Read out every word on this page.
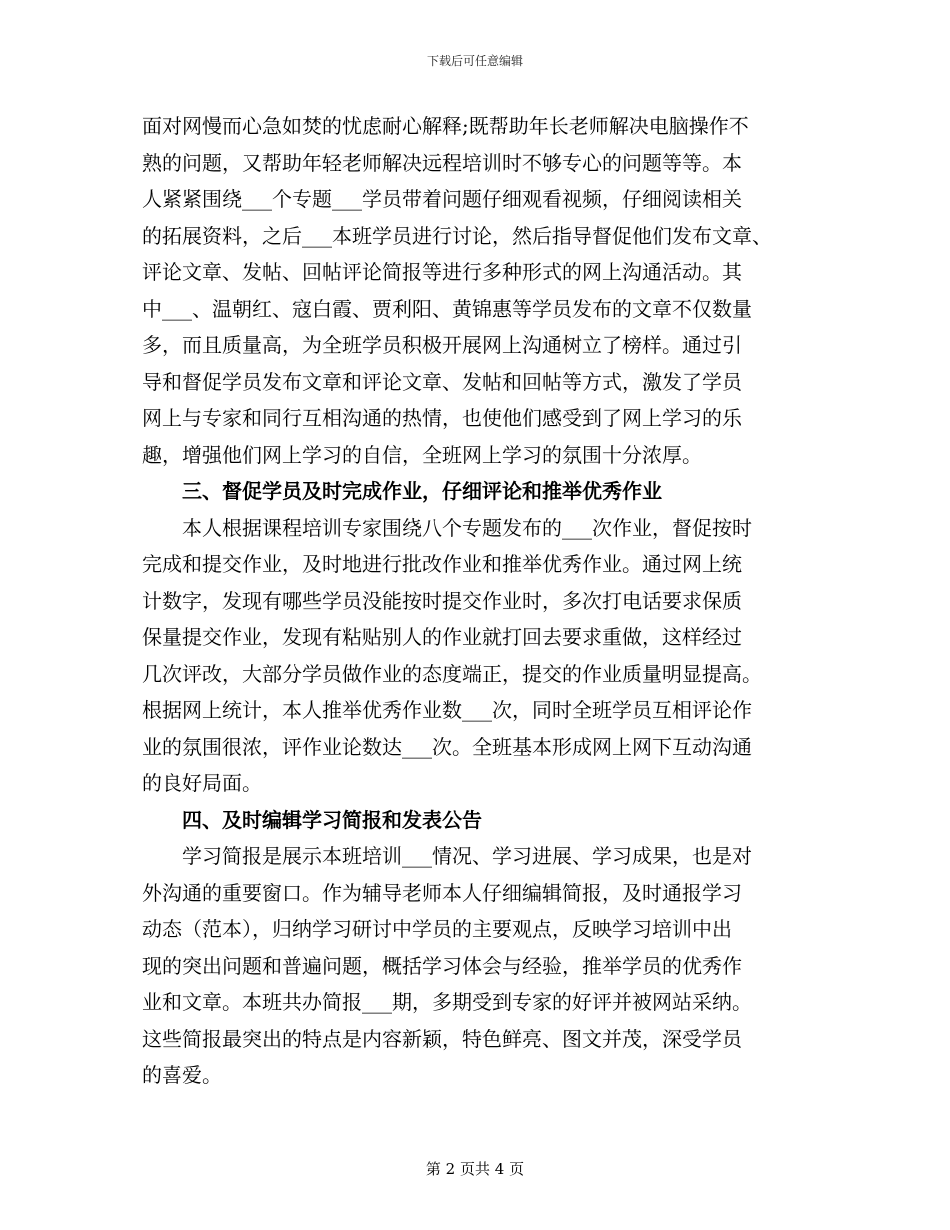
下载后可任意编辑
面对网慢而心急如焚的忧虑耐心解释;既帮助年长老师解决电脑操作不
熟的问题，又帮助年轻老师解决远程培训时不够专心的问题等等。本
人紧紧围绕___个专题___学员带着问题仔细观看视频，仔细阅读相关
的拓展资料，之后___本班学员进行讨论，然后指导督促他们发布文章、
评论文章、发帖、回帖评论简报等进行多种形式的网上沟通活动。其
中___、温朝红、寇白霞、贾利阳、黄锦惠等学员发布的文章不仅数量
多，而且质量高，为全班学员积极开展网上沟通树立了榜样。通过引
导和督促学员发布文章和评论文章、发帖和回帖等方式，激发了学员
网上与专家和同行互相沟通的热情，也使他们感受到了网上学习的乐
趣，增强他们网上学习的自信，全班网上学习的氛围十分浓厚。
三、督促学员及时完成作业，仔细评论和推举优秀作业
本人根据课程培训专家围绕八个专题发布的___次作业，督促按时
完成和提交作业，及时地进行批改作业和推举优秀作业。通过网上统
计数字，发现有哪些学员没能按时提交作业时，多次打电话要求保质
保量提交作业，发现有粘贴别人的作业就打回去要求重做，这样经过
几次评改，大部分学员做作业的态度端正，提交的作业质量明显提高。
根据网上统计，本人推举优秀作业数___次，同时全班学员互相评论作
业的氛围很浓，评作业论数达___次。全班基本形成网上网下互动沟通
的良好局面。
四、及时编辑学习简报和发表公告
学习简报是展示本班培训___情况、学习进展、学习成果，也是对
外沟通的重要窗口。作为辅导老师本人仔细编辑简报，及时通报学习
动态（范本），归纳学习研讨中学员的主要观点，反映学习培训中出
现的突出问题和普遍问题，概括学习体会与经验，推举学员的优秀作
业和文章。本班共办简报___期，多期受到专家的好评并被网站采纳。
这些简报最突出的特点是内容新颖，特色鲜亮、图文并茂，深受学员
的喜爱。
第 2 页共 4 页
